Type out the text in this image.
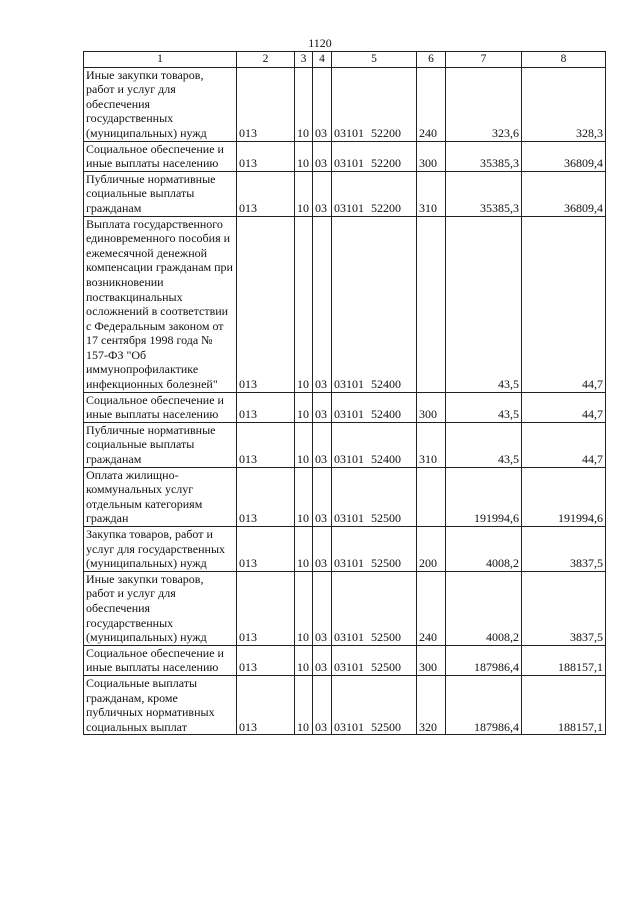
1120
1	2	3	4	5	6	7	8
Иные закупки товаров, работ и услуг для обеспечения государственных (муниципальных) нужд	013	10	03	03101 52200	240	323,6	328,3
Социальное обеспечение и иные выплаты населению	013	10	03	03101 52200	300	35385,3	36809,4
Публичные нормативные социальные выплаты гражданам	013	10	03	03101 52200	310	35385,3	36809,4
Выплата государственного единовременного пособия и ежемесячной денежной компенсации гражданам при возникновении поствакцинальных осложнений в соответствии с Федеральным законом от 17 сентября 1998 года № 157-ФЗ "Об иммунопрофилактике инфекционных болезней"	013	10	03	03101 52400		43,5	44,7
Социальное обеспечение и иные выплаты населению	013	10	03	03101 52400	300	43,5	44,7
Публичные нормативные социальные выплаты гражданам	013	10	03	03101 52400	310	43,5	44,7
Оплата жилищно-коммунальных услуг отдельным категориям граждан	013	10	03	03101 52500		191994,6	191994,6
Закупка товаров, работ и услуг для государственных (муниципальных) нужд	013	10	03	03101 52500	200	4008,2	3837,5
Иные закупки товаров, работ и услуг для обеспечения государственных (муниципальных) нужд	013	10	03	03101 52500	240	4008,2	3837,5
Социальное обеспечение и иные выплаты населению	013	10	03	03101 52500	300	187986,4	188157,1
Социальные выплаты гражданам, кроме публичных нормативных социальных выплат	013	10	03	03101 52500	320	187986,4	188157,1
